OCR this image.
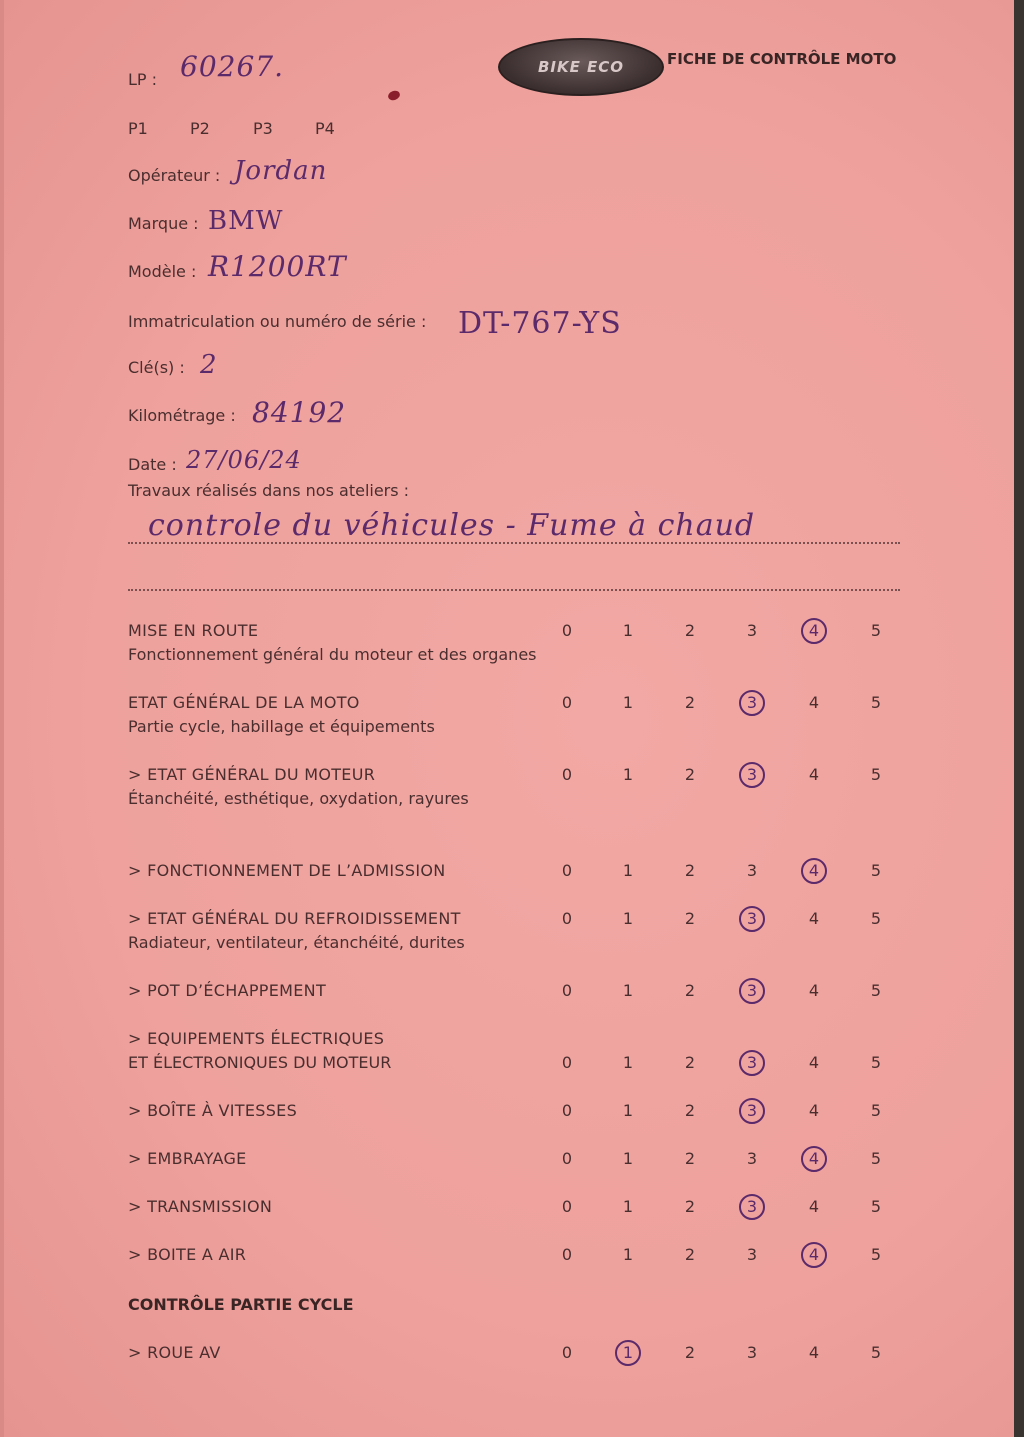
LP : 60267.	BIKE ECO	FICHE DE CONTRÔLE MOTO
P1	P2	P3	P4
Opérateur : Jordan
Marque : BMW
Modèle : R1200RT
Immatriculation ou numéro de série : DT-767-YS
Clé(s) : 2
Kilométrage : 84192
Date : 27/06/24
Travaux réalisés dans nos ateliers :
controle du véhicules - Fume à chaud
MISE EN ROUTE
Fonctionnement général du moteur et des organes
0	1	2	3	4	5
ETAT GÉNÉRAL DE LA MOTO
Partie cycle, habillage et équipements
0	1	2	3	4	5
> ETAT GÉNÉRAL DU MOTEUR
Étanchéité, esthétique, oxydation, rayures
0	1	2	3	4	5
> FONCTIONNEMENT DE L’ADMISSION	0	1	2	3	4	5
> ETAT GÉNÉRAL DU REFROIDISSEMENT
Radiateur, ventilateur, étanchéité, durites
0	1	2	3	4	5
> POT D’ÉCHAPPEMENT	0	1	2	3	4	5
> EQUIPEMENTS ÉLECTRIQUES
ET ÉLECTRONIQUES DU MOTEUR	0	1	2	3	4	5
> BOÎTE À VITESSES	0	1	2	3	4	5
> EMBRAYAGE	0	1	2	3	4	5
> TRANSMISSION	0	1	2	3	4	5
> BOITE A AIR	0	1	2	3	4	5
CONTRÔLE PARTIE CYCLE
> ROUE AV	0	1	2	3	4	5
